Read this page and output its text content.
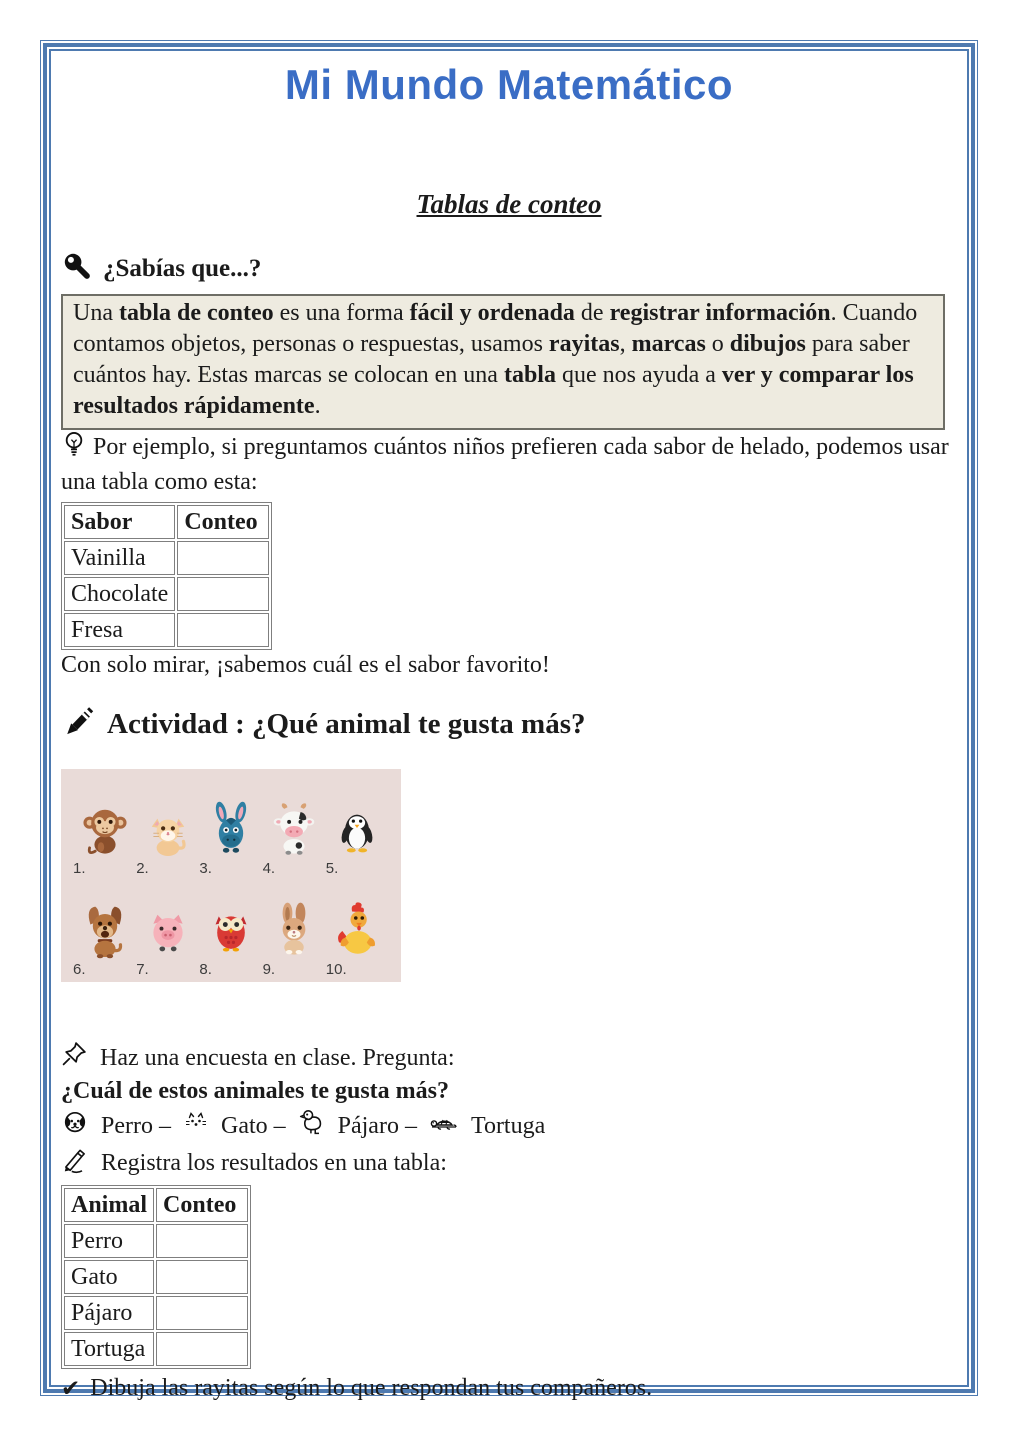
Mi Mundo Matemático
Tablas de conteo
¿Sabías que...?
Una tabla de conteo es una forma fácil y ordenada de registrar información. Cuando contamos objetos, personas o respuestas, usamos rayitas, marcas o dibujos para saber cuántos hay. Estas marcas se colocan en una tabla que nos ayuda a ver y comparar los resultados rápidamente.

Por ejemplo, si preguntamos cuántos niños prefieren cada sabor de helado, podemos usar una tabla como esta:

Sabor	Conteo
Vainilla	
Chocolate	
Fresa	

Con solo mirar, ¡sabemos cuál es el sabor favorito!

Actividad : ¿Qué animal te gusta más?
1.	2.	3.	4.	5.
6.	7.	8.	9.	10.
Haz una encuesta en clase. Pregunta:

¿Cuál de estos animales te gusta más?

Perro – Gato – Pájaro – Tortuga
Registra los resultados en una tabla:
Animal	Conteo
Perro	
Gato	
Pájaro	
Tortuga	
✔ Dibuja las rayitas según lo que respondan tus compañeros.
